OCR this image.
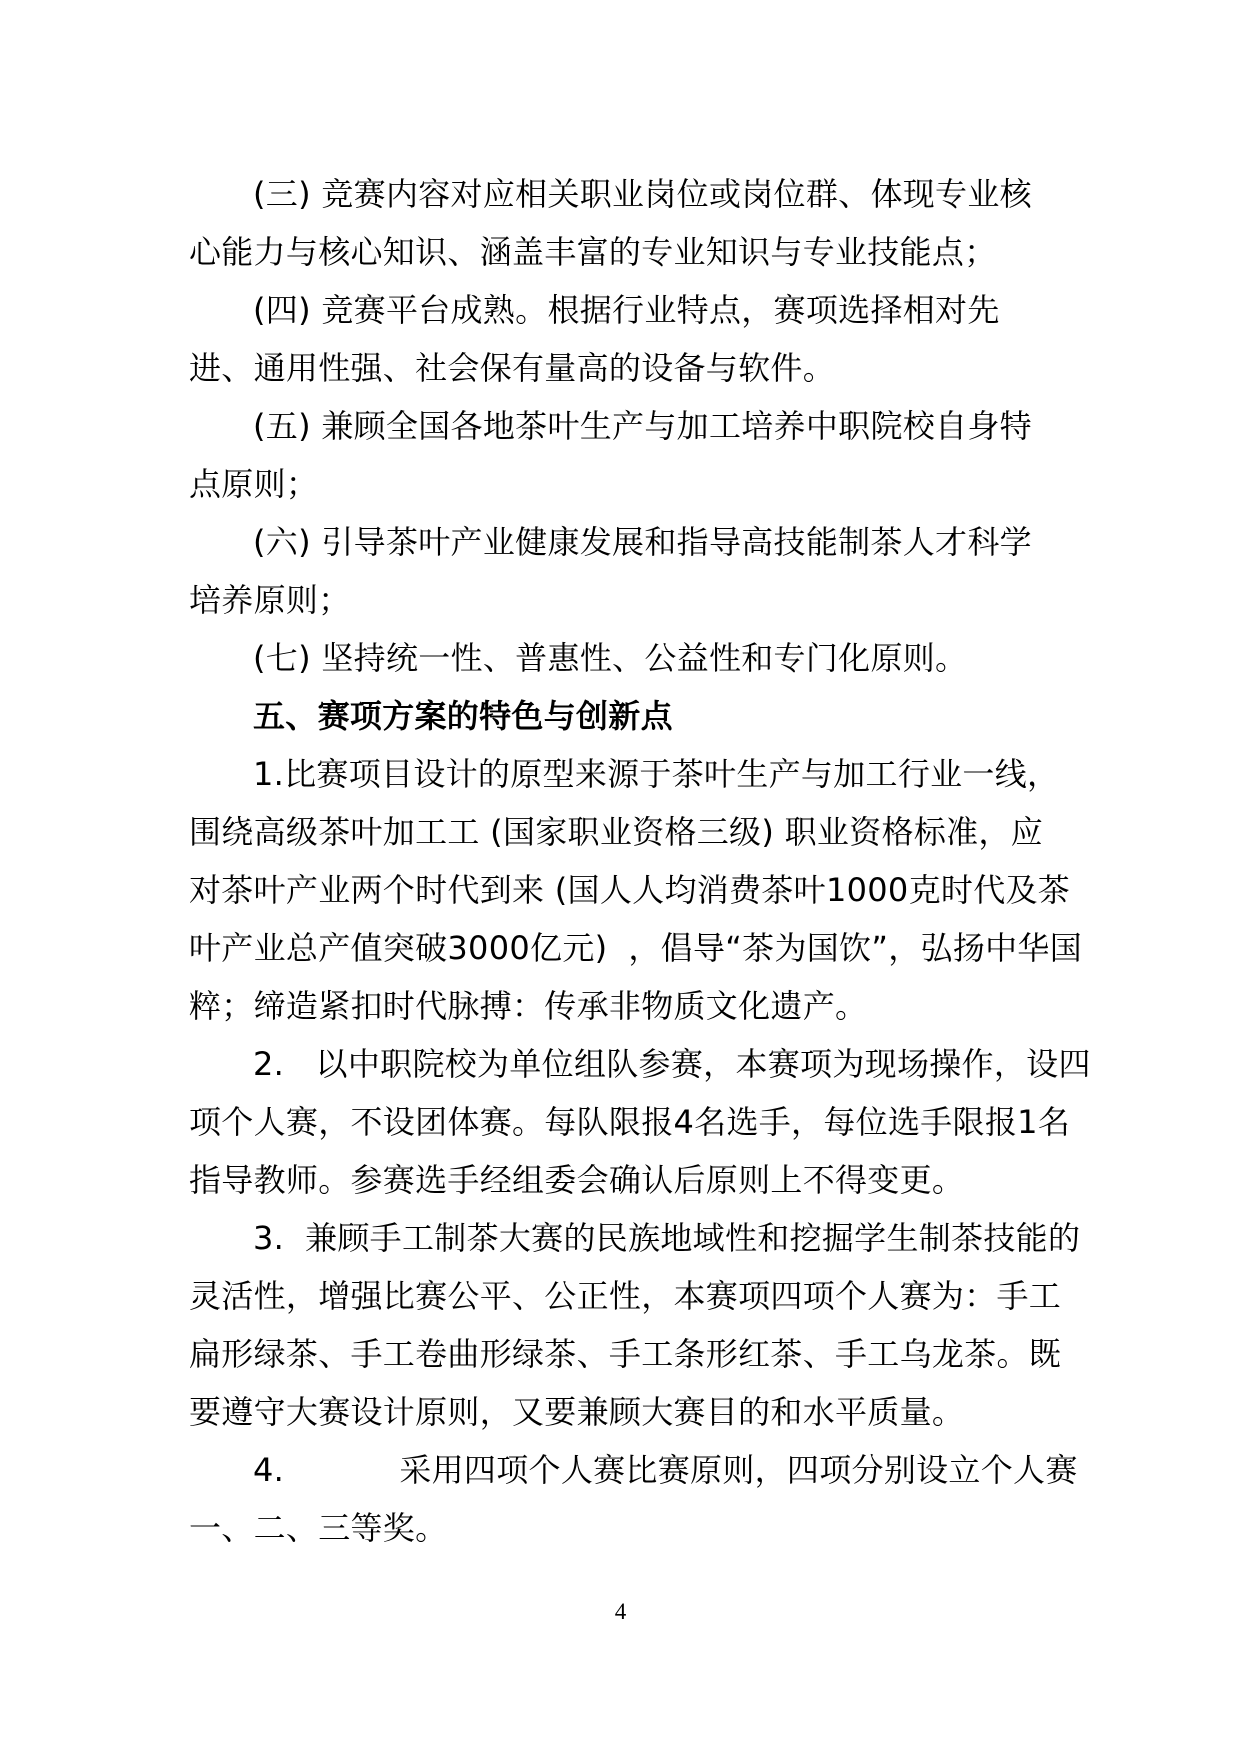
(三) 竞赛内容对应相关职业岗位或岗位群、体现专业核
心能力与核心知识、涵盖丰富的专业知识与专业技能点；
(四) 竞赛平台成熟。根据行业特点，赛项选择相对先
进、通用性强、社会保有量高的设备与软件。
(五) 兼顾全国各地茶叶生产与加工培养中职院校自身特
点原则；
(六) 引导茶叶产业健康发展和指导高技能制茶人才科学
培养原则；
(七) 坚持统一性、普惠性、公益性和专门化原则。
五、赛项方案的特色与创新点
1.比赛项目设计的原型来源于茶叶生产与加工行业一线，
围绕高级茶叶加工工 (国家职业资格三级) 职业资格标准，应
对茶叶产业两个时代到来 (国人人均消费茶叶1000克时代及茶
叶产业总产值突破3000亿元)  ，倡导“茶为国饮”，弘扬中华国
粹；缔造紧扣时代脉搏：传承非物质文化遗产。
2.   以中职院校为单位组队参赛，本赛项为现场操作，设四
项个人赛，不设团体赛。每队限报4名选手，每位选手限报1名
指导教师。参赛选手经组委会确认后原则上不得变更。
3.  兼顾手工制茶大赛的民族地域性和挖掘学生制茶技能的
灵活性，增强比赛公平、公正性，本赛项四项个人赛为：手工
扁形绿茶、手工卷曲形绿茶、手工条形红茶、手工乌龙茶。既
要遵守大赛设计原则，又要兼顾大赛目的和水平质量。
4.           采用四项个人赛比赛原则，四项分别设立个人赛
一、二、三等奖。
4
